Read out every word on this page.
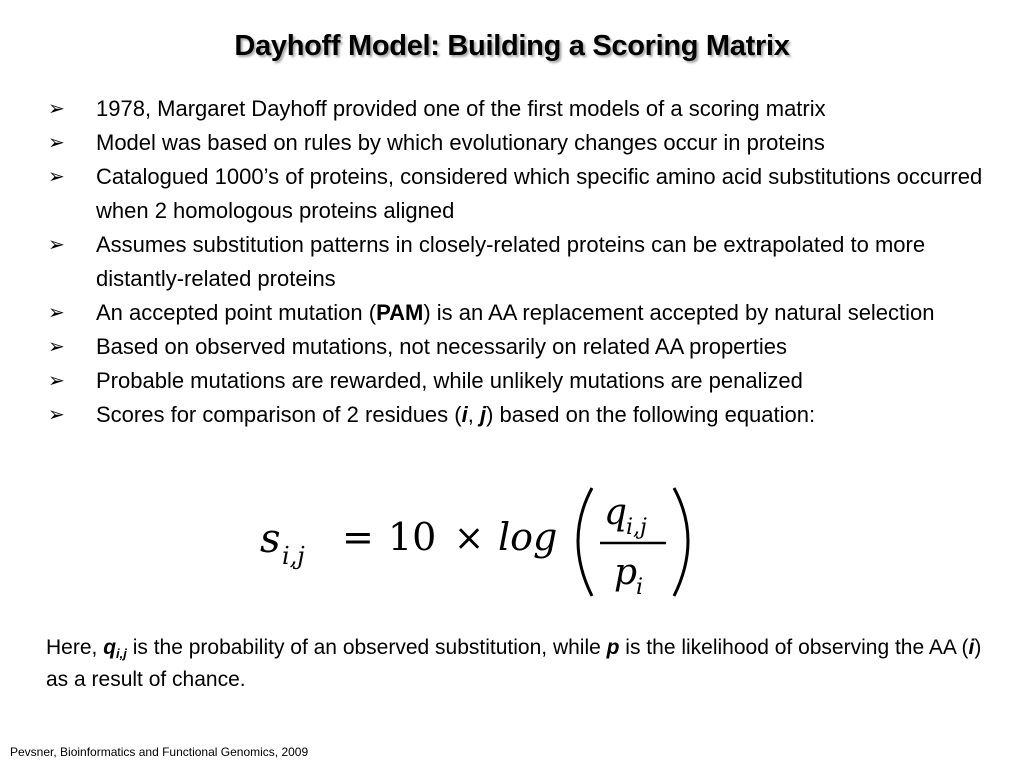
Dayhoff Model: Building a Scoring Matrix
➢ 1978, Margaret Dayhoff provided one of the first models of a scoring matrix
➢ Model was based on rules by which evolutionary changes occur in proteins
➢ Catalogued 1000’s of proteins, considered which specific amino acid substitutions occurred when 2 homologous proteins aligned
➢ Assumes substitution patterns in closely-related proteins can be extrapolated to more distantly-related proteins
➢ An accepted point mutation (PAM) is an AA replacement accepted by natural selection
➢ Based on observed mutations, not necessarily on related AA properties
➢ Probable mutations are rewarded, while unlikely mutations are penalized
➢ Scores for comparison of 2 residues (i, j) based on the following equation:
s i,j = 10 × log
q
i,j
p
i
Here, $q_{i,j}$ is the probability of an observed substitution, while p is the likelihood of observing the AA (i) as a result of chance.
Pevsner, Bioinformatics and Functional Genomics, 2009
